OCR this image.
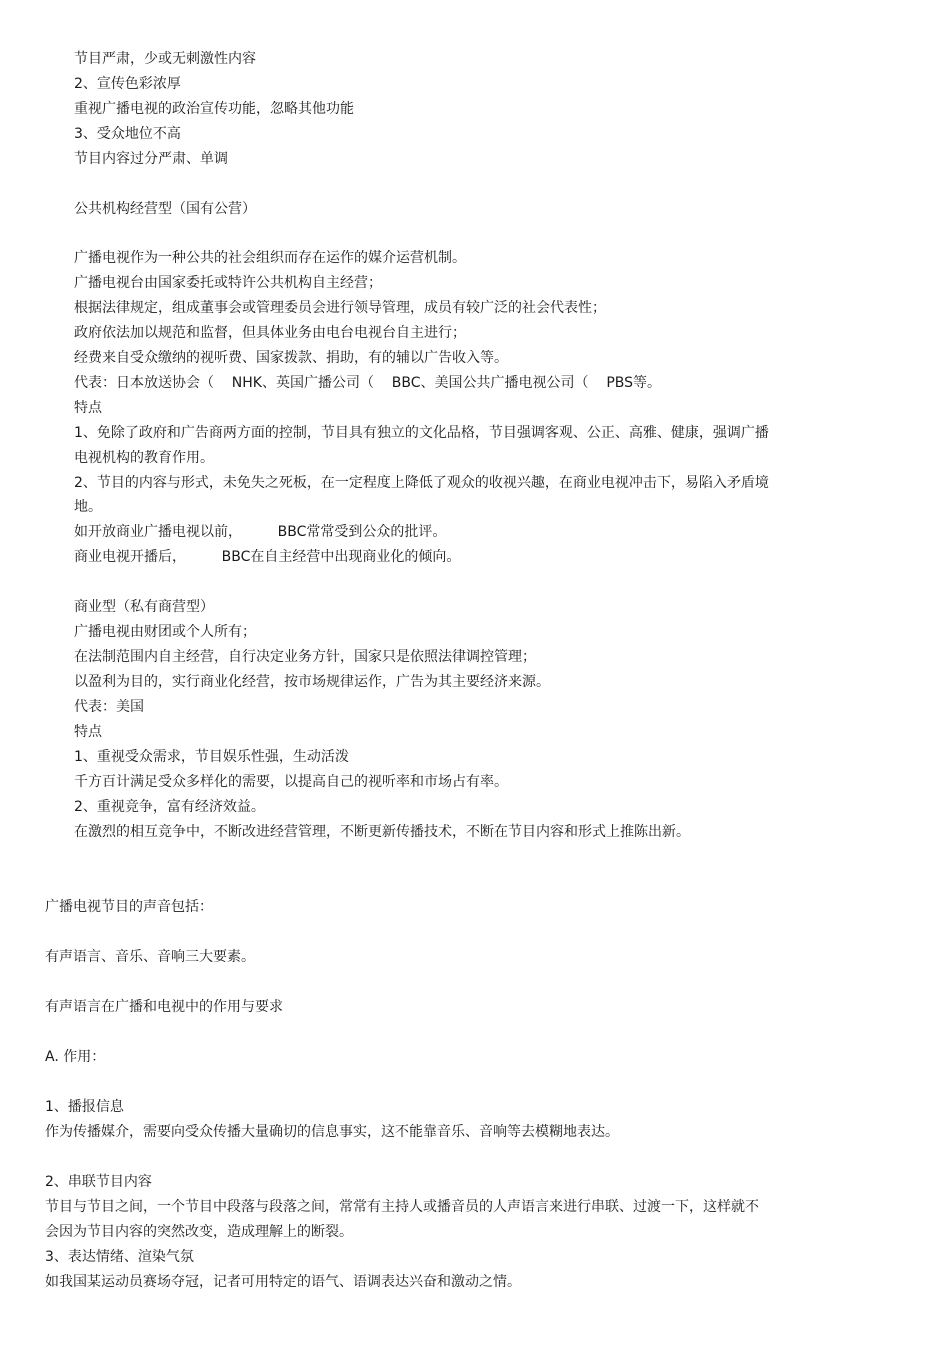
节目严肃，少或无刺激性内容
2、宣传色彩浓厚
重视广播电视的政治宣传功能，忽略其他功能
3、受众地位不高
节目内容过分严肃、单调
公共机构经营型（国有公营）
广播电视作为一种公共的社会组织而存在运作的媒介运营机制。
广播电视台由国家委托或特许公共机构自主经营；
根据法律规定，组成董事会或管理委员会进行领导管理，成员有较广泛的社会代表性；
政府依法加以规范和监督，但具体业务由电台电视台自主进行；
经费来自受众缴纳的视听费、国家拨款、捐助，有的辅以广告收入等。
代表：日本放送协会（    NHK、英国广播公司（    BBC、美国公共广播电视公司（    PBS等。
特点
1、免除了政府和广告商两方面的控制，节目具有独立的文化品格，节目强调客观、公正、高雅、健康，强调广播
电视机构的教育作用。
2、节目的内容与形式，未免失之死板，在一定程度上降低了观众的收视兴趣，在商业电视冲击下，易陷入矛盾境
地。
如开放商业广播电视以前，        BBC常常受到公众的批评。
商业电视开播后，        BBC在自主经营中出现商业化的倾向。
商业型（私有商营型）
广播电视由财团或个人所有；
在法制范围内自主经营，自行决定业务方针，国家只是依照法律调控管理；
以盈利为目的，实行商业化经营，按市场规律运作，广告为其主要经济来源。
代表：美国
特点
1、重视受众需求，节目娱乐性强，生动活泼
千方百计满足受众多样化的需要，以提高自己的视听率和市场占有率。
2、重视竞争，富有经济效益。
在激烈的相互竞争中，不断改进经营管理，不断更新传播技术，不断在节目内容和形式上推陈出新。
广播电视节目的声音包括：
有声语言、音乐、音响三大要素。
有声语言在广播和电视中的作用与要求
A. 作用：
1、播报信息
作为传播媒介，需要向受众传播大量确切的信息事实，这不能靠音乐、音响等去模糊地表达。
2、串联节目内容
节目与节目之间，一个节目中段落与段落之间，常常有主持人或播音员的人声语言来进行串联、过渡一下，这样就不
会因为节目内容的突然改变，造成理解上的断裂。
3、表达情绪、渲染气氛
如我国某运动员赛场夺冠，记者可用特定的语气、语调表达兴奋和激动之情。
